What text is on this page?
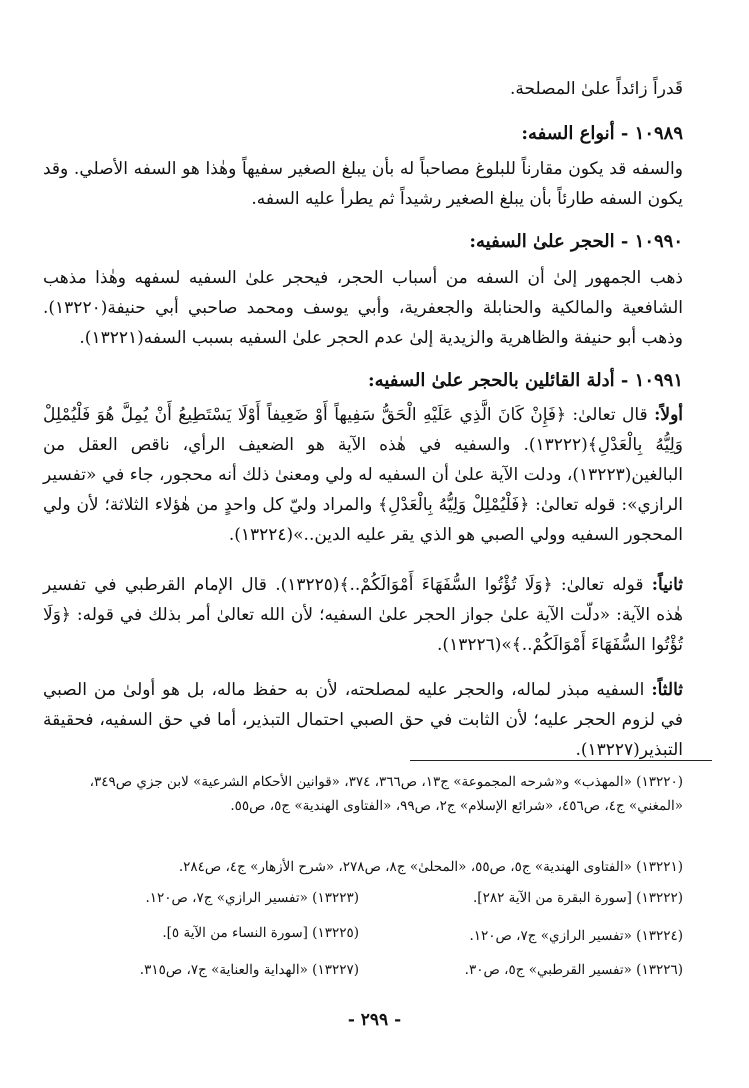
قَدراً زائداً علىٰ المصلحة.
١٠٩٨٩ - أنواع السفه:
والسفه قد يكون مقارناً للبلوغ مصاحباً له بأن يبلغ الصغير سفيهاً وهٰذا هو السفه الأصلي. وقد يكون السفه طارئاً بأن يبلغ الصغير رشيداً ثم يطرأ عليه السفه.
١٠٩٩٠ - الحجر علىٰ السفيه:
ذهب الجمهور إلىٰ أن السفه من أسباب الحجر، فيحجر علىٰ السفيه لسفهه وهٰذا مذهب الشافعية والمالكية والحنابلة والجعفرية، وأبي يوسف ومحمد صاحبي أبي حنيفة(١٣٢٢٠). وذهب أبو حنيفة والظاهرية والزيدية إلىٰ عدم الحجر علىٰ السفيه بسبب السفه(١٣٢٢١).
١٠٩٩١ - أدلة القائلين بالحجر علىٰ السفيه:
أولاً: قال تعالىٰ: ﴿فَإِنْ كَانَ الَّذِي عَلَيْهِ الْحَقُّ سَفِيهاً أَوْ ضَعِيفاً أَوْلَا يَسْتَطِيعُ أَنْ يُمِلَّ هُوَ فَلْيُمْلِلْ وَلِيُّهُ بِالْعَدْلِ﴾(١٣٢٢٢). والسفيه في هٰذه الآية هو الضعيف الرأي، ناقص العقل من البالغين(١٣٢٢٣)، ودلت الآية علىٰ أن السفيه له ولي ومعنىٰ ذلك أنه محجور، جاء في «تفسير الرازي»: قوله تعالىٰ: ﴿فَلْيُمْلِلْ وَلِيُّهُ بِالْعَدْلِ﴾ والمراد وليّ كل واحدٍ من هٰؤلاء الثلاثة؛ لأن ولي المحجور السفيه وولي الصبي هو الذي يقر عليه الدين..»(١٣٢٢٤).
ثانياً: قوله تعالىٰ: ﴿وَلَا تُؤْتُوا السُّفَهَاءَ أَمْوَالَكُمْ..﴾(١٣٢٢٥). قال الإمام القرطبي في تفسير هٰذه الآية: «دلّت الآية علىٰ جواز الحجر علىٰ السفيه؛ لأن الله تعالىٰ أمر بذلك في قوله: ﴿وَلَا تُؤْتُوا السُّفَهَاءَ أَمْوَالَكُمْ..﴾»(١٣٢٢٦).
ثالثاً: السفيه مبذر لماله، والحجر عليه لمصلحته، لأن به حفظ ماله، بل هو أولىٰ من الصبي في لزوم الحجر عليه؛ لأن الثابت في حق الصبي احتمال التبذير، أما في حق السفيه، فحقيقة التبذير(١٣٢٢٧).
(١٣٢٢٠) «المهذب» و«شرحه المجموعة» ج١٣، ص٣٦٦، ٣٧٤، «قوانين الأحكام الشرعية» لابن جزي ص٣٤٩، «المغني» ج٤، ص٤٥٦، «شرائع الإسلام» ج٢، ص٩٩، «الفتاوى الهندية» ج٥، ص٥٥.
(١٣٢٢١) «الفتاوى الهندية» ج٥، ص٥٥، «المحلىٰ» ج٨، ص٢٧٨، «شرح الأزهار» ج٤، ص٢٨٤.
(١٣٢٢٢) [سورة البقرة من الآية ٢٨٢].
(١٣٢٢٣) «تفسير الرازي» ج٧، ص١٢٠.
(١٣٢٢٤) «تفسير الرازي» ج٧، ص١٢٠.
(١٣٢٢٥) [سورة النساء من الآية ٥].
(١٣٢٢٦) «تفسير القرطبي» ج٥، ص٣٠.
(١٣٢٢٧) «الهداية والعناية» ج٧، ص٣١٥.
- ٢٩٩ -
